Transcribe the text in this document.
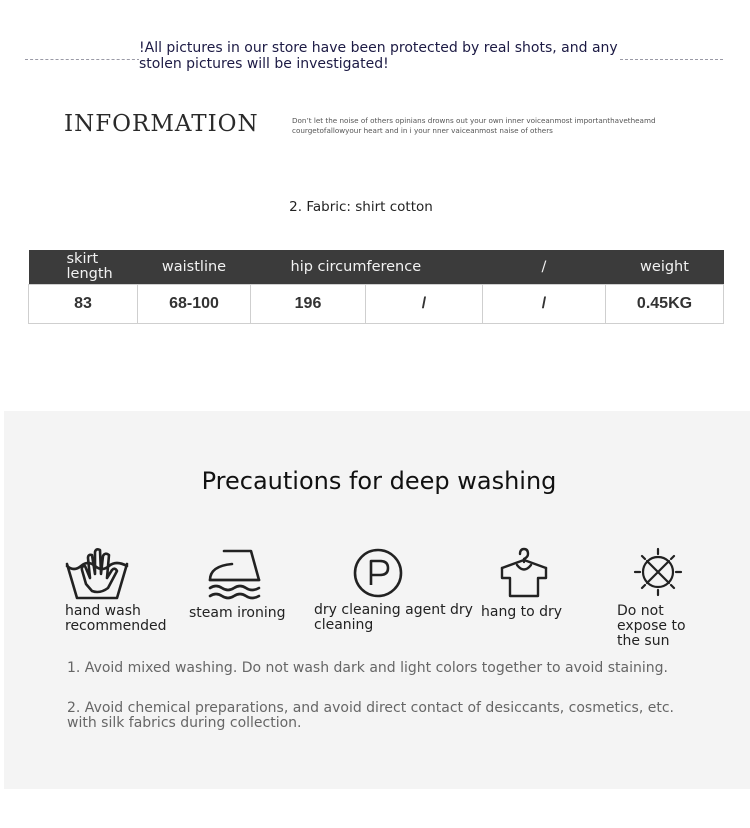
!All pictures in our store have been protected by real shots, and any stolen pictures will be investigated!
INFORMATION	Don’t let the noise of others opinians drowns out your own inner voiceanmost importanthavetheamd courgetofallowyour heart and in i your nner vaiceanmost naise of others
2. Fabric: shirt cotton
skirt length	waistline	hip circumference		/	weight
83	68-100	196	/	/	0.45KG
Precautions for deep washing
hand wash recommended
steam ironing	dry cleaning agent dry cleaning
hang to dry	Do not expose to the sun
1. Avoid mixed washing. Do not wash dark and light colors together to avoid staining.
2. Avoid chemical preparations, and avoid direct contact of desiccants, cosmetics, etc. with silk fabrics during collection.
